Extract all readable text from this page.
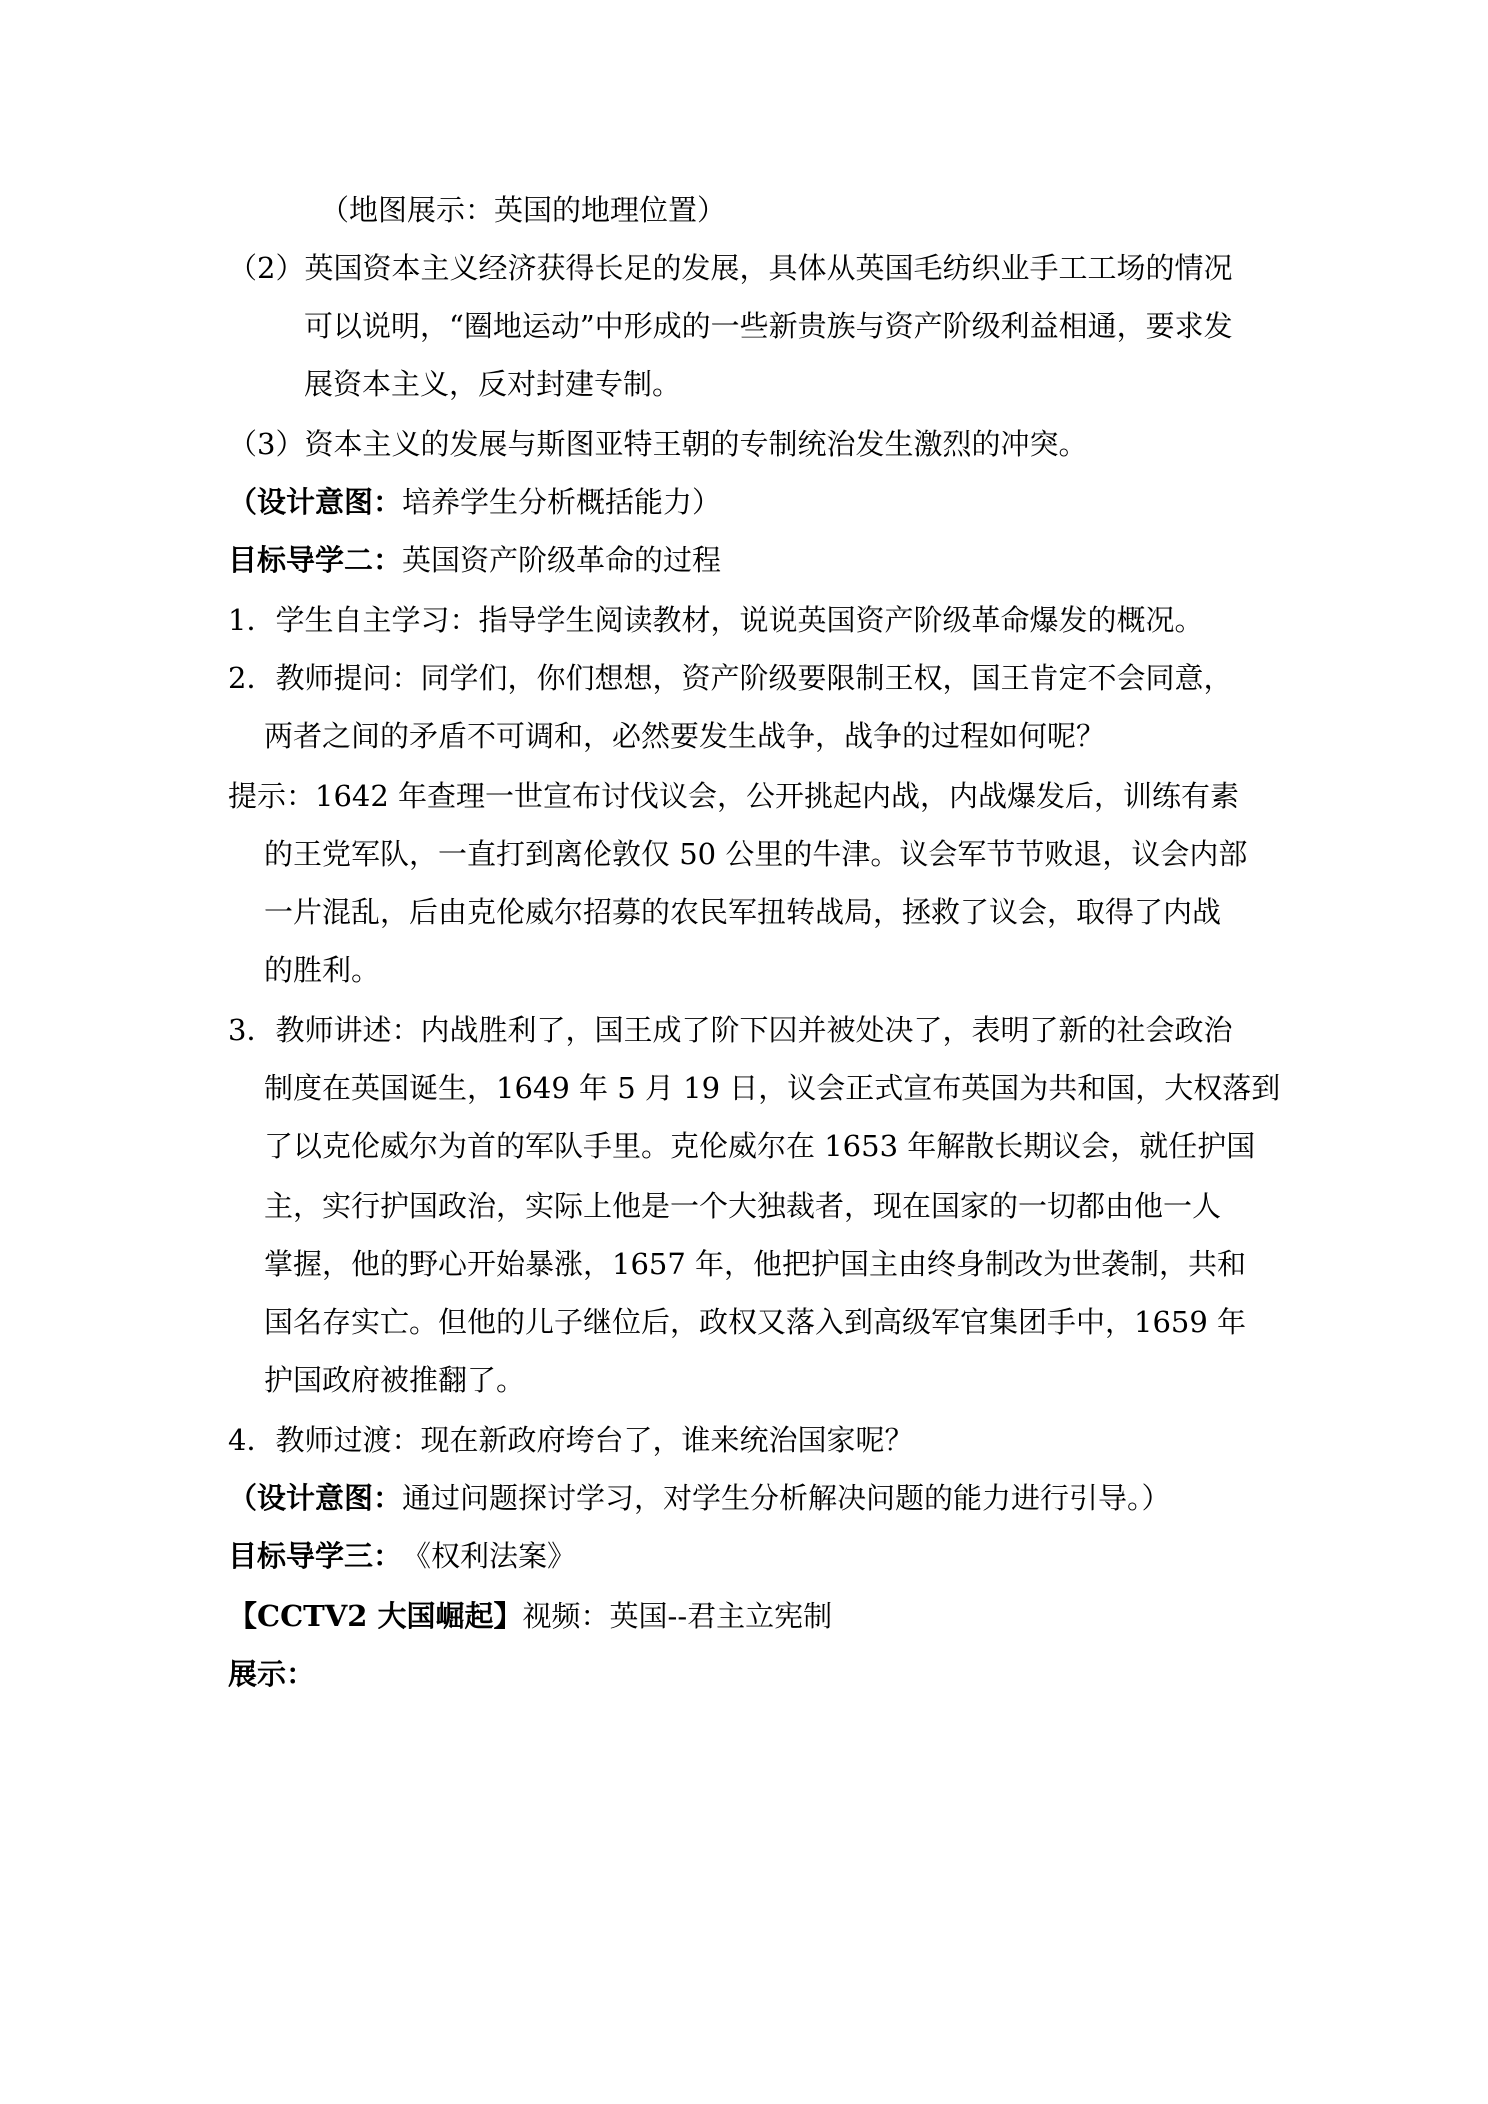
（地图展示：英国的地理位置）
（2）英国资本主义经济获得长足的发展，具体从英国毛纺织业手工工场的情况
可以说明，“圈地运动”中形成的一些新贵族与资产阶级利益相通，要求发
展资本主义，反对封建专制。
（3）资本主义的发展与斯图亚特王朝的专制统治发生激烈的冲突。
（设计意图：培养学生分析概括能力）
目标导学二：英国资产阶级革命的过程
1．学生自主学习：指导学生阅读教材，说说英国资产阶级革命爆发的概况。
2．教师提问：同学们，你们想想，资产阶级要限制王权，国王肯定不会同意，
两者之间的矛盾不可调和，必然要发生战争，战争的过程如何呢？
提示：1642 年查理一世宣布讨伐议会，公开挑起内战，内战爆发后，训练有素
的王党军队，一直打到离伦敦仅 50 公里的牛津。议会军节节败退，议会内部
一片混乱，后由克伦威尔招募的农民军扭转战局，拯救了议会，取得了内战
的胜利。
3．教师讲述：内战胜利了，国王成了阶下囚并被处决了，表明了新的社会政治
制度在英国诞生，1649 年 5 月 19 日，议会正式宣布英国为共和国，大权落到
了以克伦威尔为首的军队手里。克伦威尔在 1653 年解散长期议会，就任护国
主，实行护国政治，实际上他是一个大独裁者，现在国家的一切都由他一人
掌握，他的野心开始暴涨，1657 年，他把护国主由终身制改为世袭制，共和
国名存实亡。但他的儿子继位后，政权又落入到高级军官集团手中，1659 年
护国政府被推翻了。
4．教师过渡：现在新政府垮台了，谁来统治国家呢？
（设计意图：通过问题探讨学习，对学生分析解决问题的能力进行引导。）
目标导学三：　《权利法案》
【CCTV2 大国崛起】视频：英国--君主立宪制
展示：
